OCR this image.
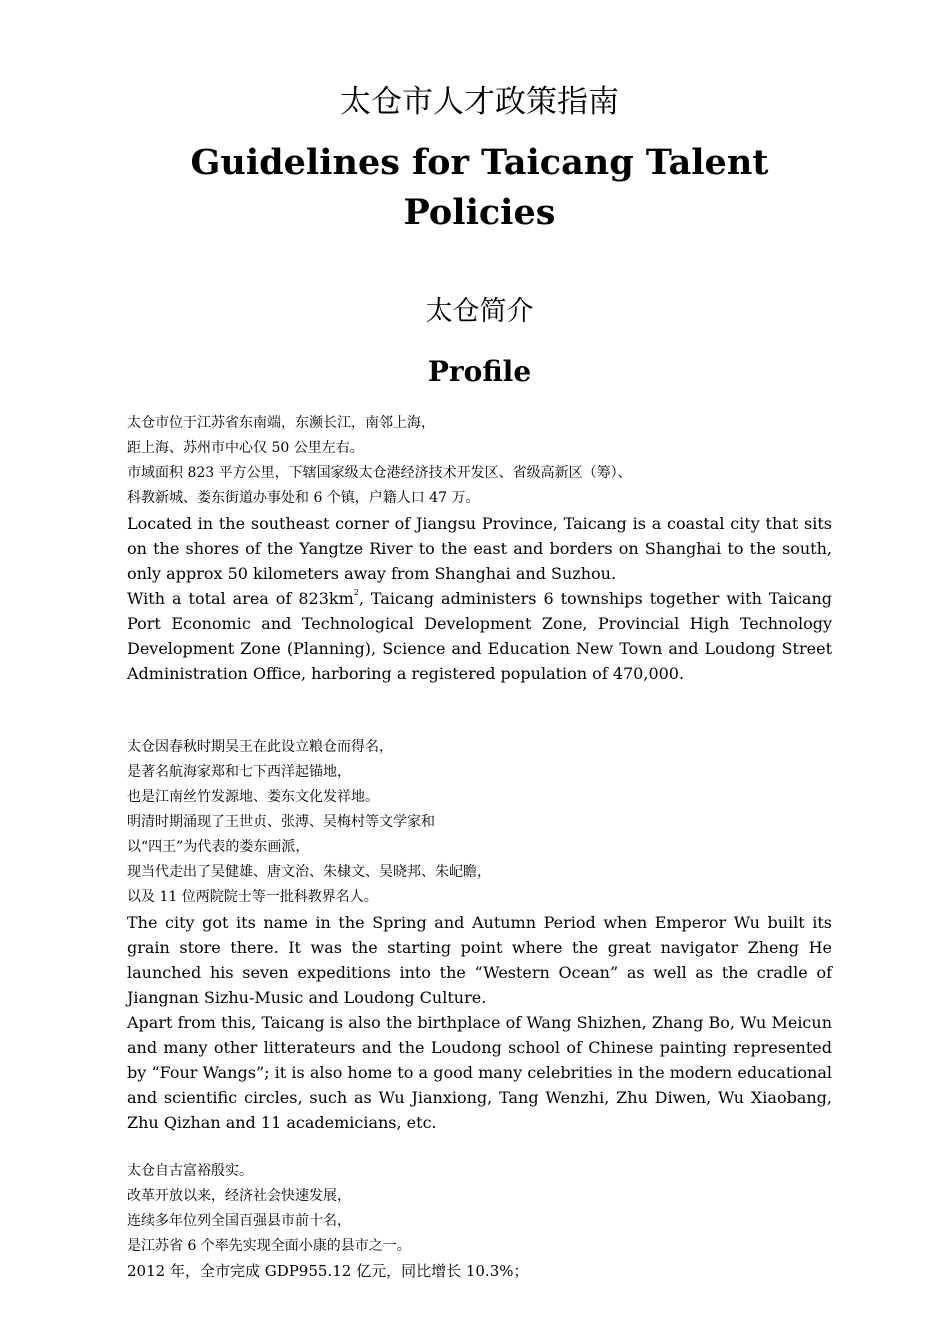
太仓市人才政策指南
Guidelines for Taicang Talent
Policies
太仓简介
Profile
太仓市位于江苏省东南端，东濒长江，南邻上海，
距上海、苏州市中心仅 50 公里左右。
市域面积 823 平方公里，下辖国家级太仓港经济技术开发区、省级高新区（筹）、
科教新城、娄东街道办事处和 6 个镇，户籍人口 47 万。

Located in the southeast corner of Jiangsu Province, Taicang is a coastal city that sits on the shores of the Yangtze River to the east and borders on Shanghai to the south, only approx 50 kilometers away from Shanghai and Suzhou.

With a total area of $823km^2$, Taicang administers 6 townships together with Taicang Port Economic and Technological Development Zone, Provincial High Technology Development Zone (Planning), Science and Education New Town and Loudong Street Administration Office, harboring a registered population of 470,000.

太仓因春秋时期吴王在此设立粮仓而得名，
是著名航海家郑和七下西洋起锚地，
也是江南丝竹发源地、娄东文化发祥地。
明清时期涌现了王世贞、张溥、吴梅村等文学家和
以“四王”为代表的娄东画派，
现当代走出了吴健雄、唐文治、朱棣文、吴晓邦、朱屺瞻，
以及 11 位两院院士等一批科教界名人。

The city got its name in the Spring and Autumn Period when Emperor Wu built its grain store there. It was the starting point where the great navigator Zheng He launched his seven expeditions into the “Western Ocean” as well as the cradle of Jiangnan Sizhu-Music and Loudong Culture.

Apart from this, Taicang is also the birthplace of Wang Shizhen, Zhang Bo, Wu Meicun and many other litterateurs and the Loudong school of Chinese painting represented by “Four Wangs”; it is also home to a good many celebrities in the modern educational and scientific circles, such as Wu Jianxiong, Tang Wenzhi, Zhu Diwen, Wu Xiaobang, Zhu Qizhan and 11 academicians, etc.

太仓自古富裕殷实。
改革开放以来，经济社会快速发展，
连续多年位列全国百强县市前十名，
是江苏省 6 个率先实现全面小康的县市之一。
2012 年，全市完成 GDP955.12 亿元，同比增长 10.3%；
